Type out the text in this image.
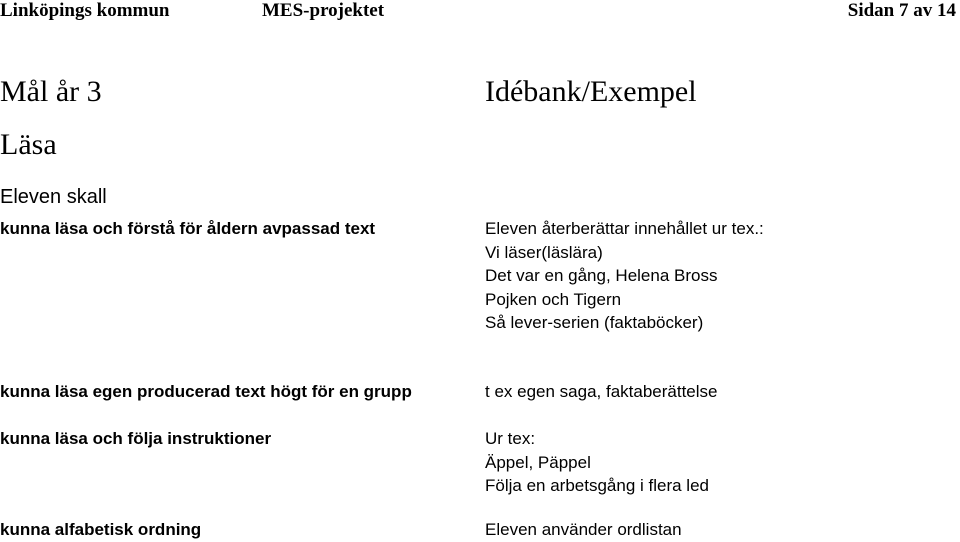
Linköpings kommun	MES-projektet	Sidan 7 av 14
Mål år 3	Idébank/Exempel
Läsa
Eleven skall
kunna läsa och förstå för åldern avpassad text	Eleven återberättar innehållet ur tex.:
Vi läser(läslära)
Det var en gång, Helena Bross
Pojken och Tigern
Så lever-serien (faktaböcker)
kunna läsa egen producerad text högt för en grupp	t ex egen saga, faktaberättelse
kunna läsa och följa instruktioner	Ur tex:
Äppel, Päppel
Följa en arbetsgång i flera led
kunna alfabetisk ordning	Eleven använder ordlistan
